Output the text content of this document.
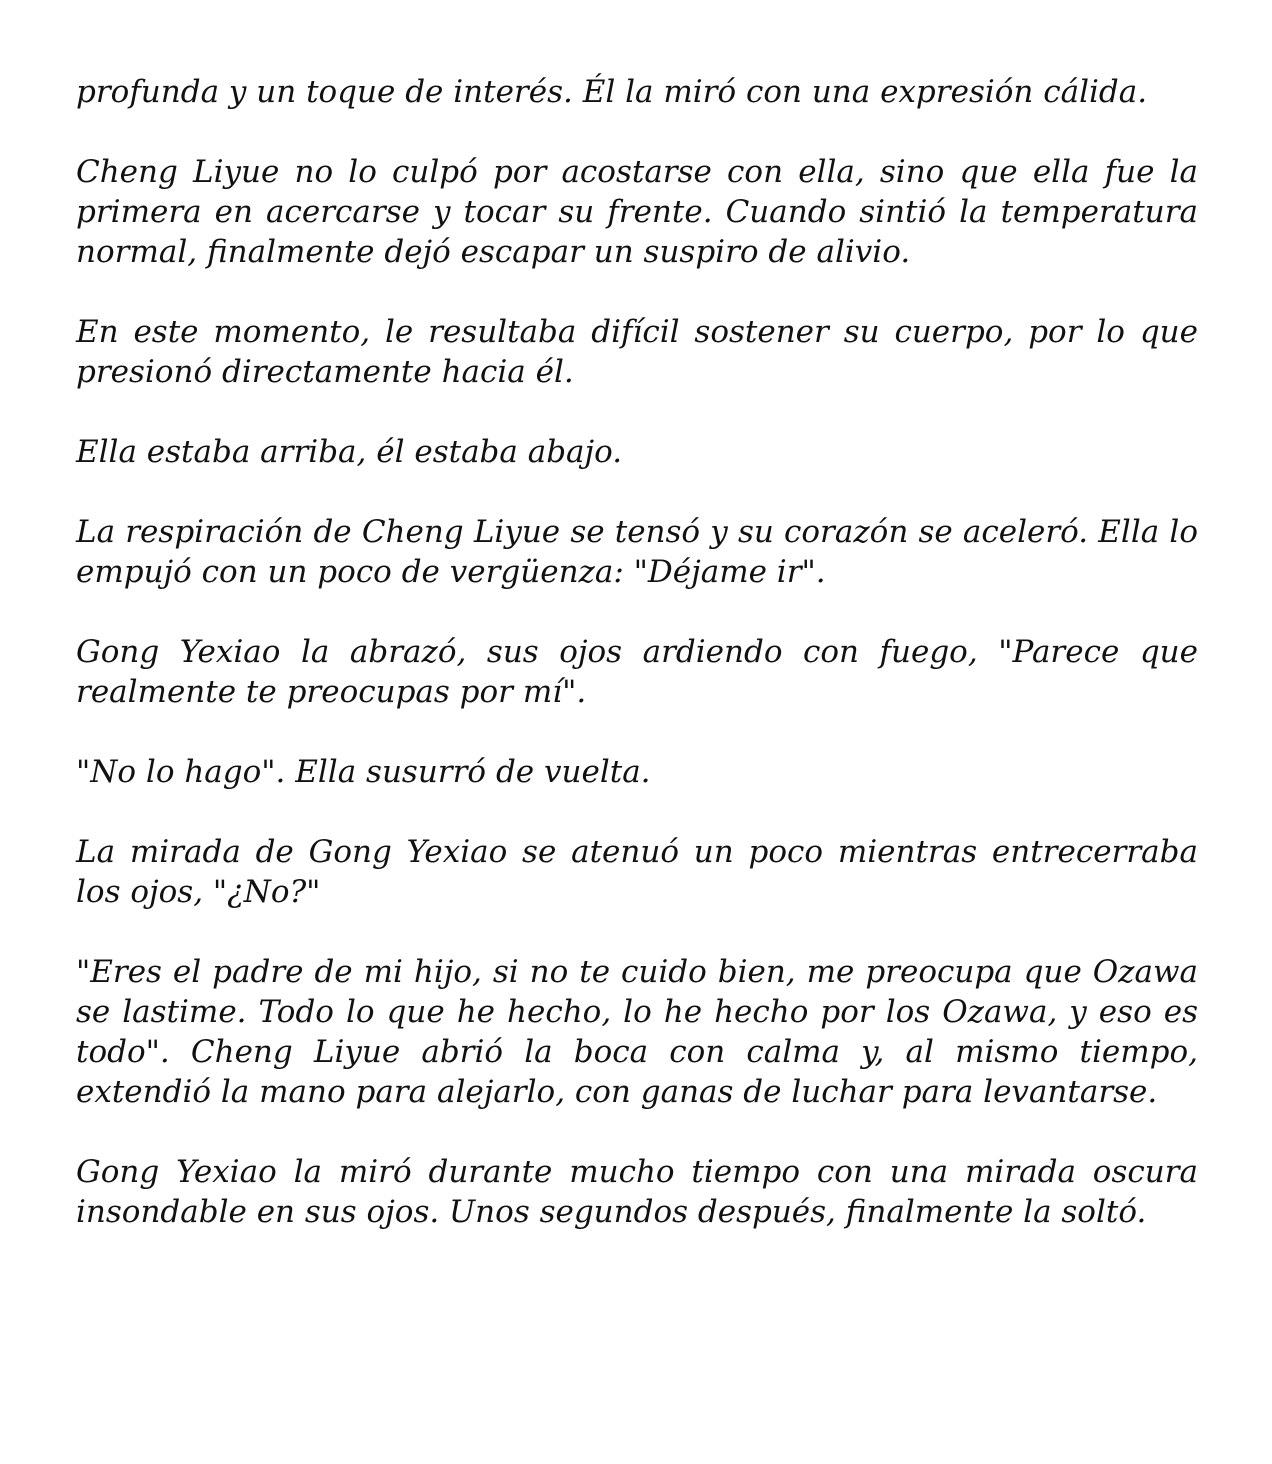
profunda y un toque de interés. Él la miró con una expresión cálida.

Cheng Liyue no lo culpó por acostarse con ella, sino que ella fue la primera en acercarse y tocar su frente. Cuando sintió la temperatura normal, finalmente dejó escapar un suspiro de alivio.

En este momento, le resultaba difícil sostener su cuerpo, por lo que presionó directamente hacia él.

Ella estaba arriba, él estaba abajo.

La respiración de Cheng Liyue se tensó y su corazón se aceleró. Ella lo empujó con un poco de vergüenza: "Déjame ir".

Gong Yexiao la abrazó, sus ojos ardiendo con fuego, "Parece que realmente te preocupas por mí".

"No lo hago". Ella susurró de vuelta.

La mirada de Gong Yexiao se atenuó un poco mientras entrecerraba los ojos, "¿No?"

"Eres el padre de mi hijo, si no te cuido bien, me preocupa que Ozawa se lastime. Todo lo que he hecho, lo he hecho por los Ozawa, y eso es todo". Cheng Liyue abrió la boca con calma y, al mismo tiempo, extendió la mano para alejarlo, con ganas de luchar para levantarse.

Gong Yexiao la miró durante mucho tiempo con una mirada oscura insondable en sus ojos. Unos segundos después, finalmente la soltó.
